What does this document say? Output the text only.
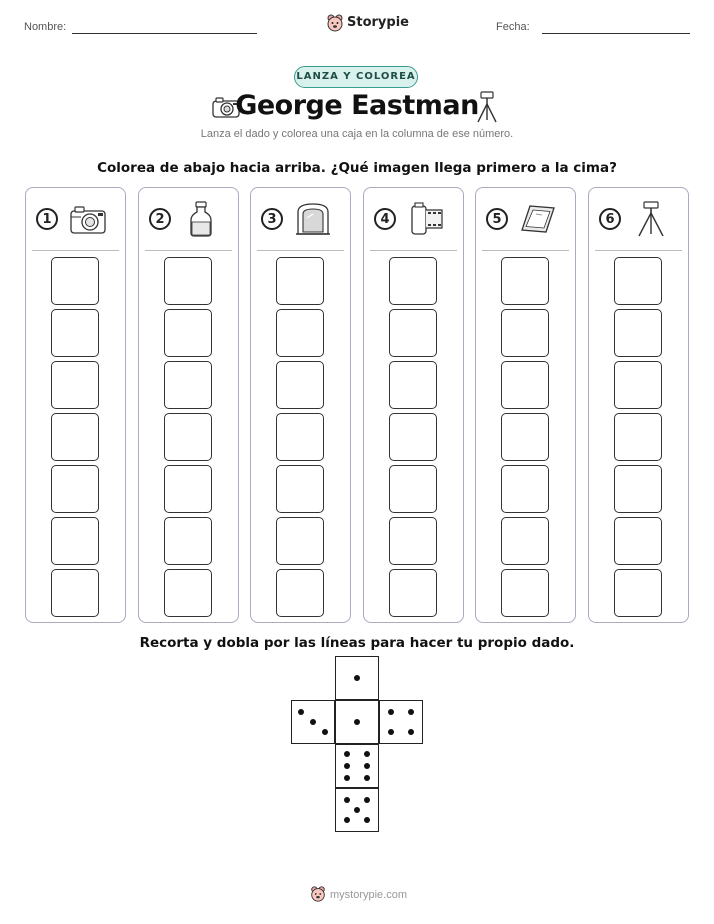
Nombre:	Storypie	Fecha:
LANZA Y COLOREA
George Eastman
Lanza el dado y colorea una caja en la columna de ese número.
Colorea de abajo hacia arriba. ¿Qué imagen llega primero a la cima?
1	2	3	4	5	6
Recorta y dobla por las líneas para hacer tu propio dado.
mystorypie.com
